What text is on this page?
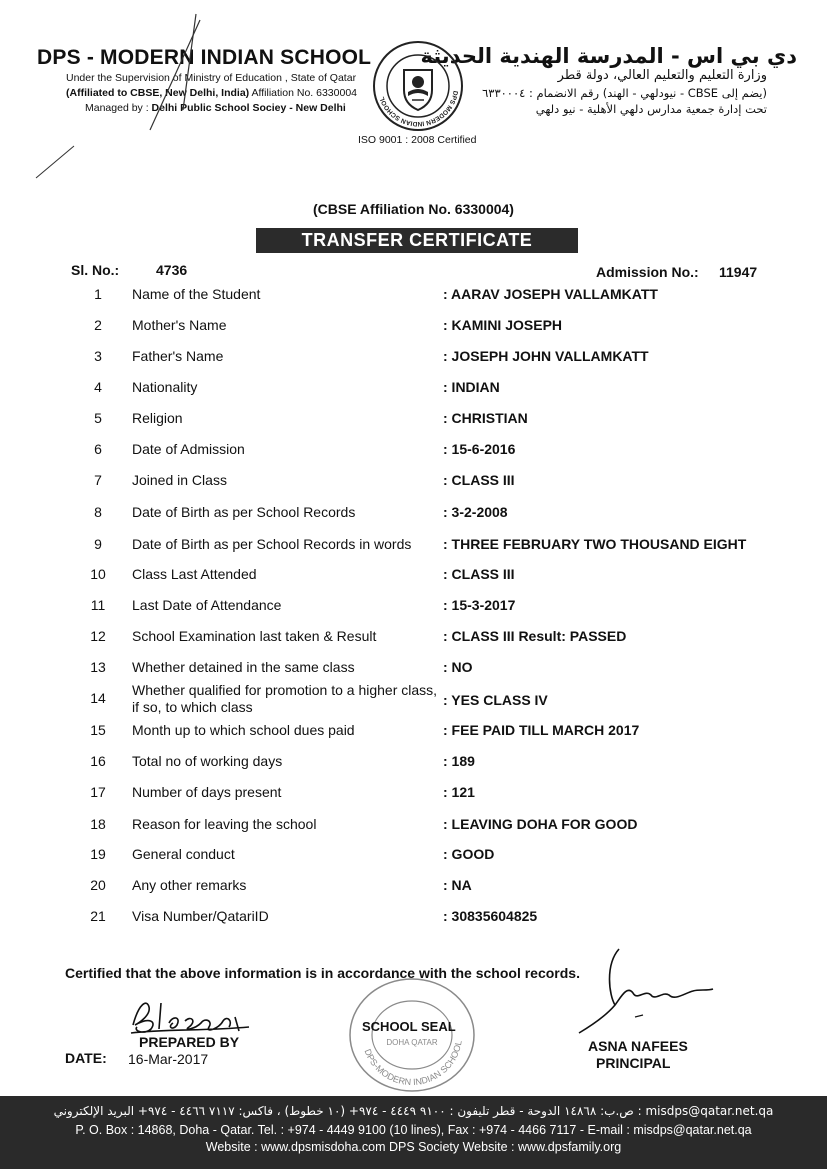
DPS - MODERN INDIAN SCHOOL
Under the Supervision of Ministry of Education , State of Qatar
(Affiliated to CBSE, New Delhi, India) Affiliation No. 6330004
Managed by : Delhi Public School Sociey - New Delhi
دي بي اس - المدرسة الهندية الحديثة
وزارة التعليم والتعليم العالي، دولة قطر
(يضم إلى CBSE - نيودلهي - الهند) رقم الانضمام : ٦٣٣٠٠٠٤
تحت إدارة جمعية مدارس دلهي الأهلية - نيو دلهي
DPS MODERN INDIAN SCHOOL
ISO 9001 : 2008 Certified
(CBSE Affiliation No. 6330004)
TRANSFER CERTIFICATE
Sl. No.:	4736	Admission No.: 11947
1	Name of the Student	: AARAV JOSEPH VALLAMKATT
2	Mother's Name	: KAMINI JOSEPH
3	Father's Name	: JOSEPH JOHN VALLAMKATT
4	Nationality	: INDIAN
5	Religion	: CHRISTIAN
6	Date of Admission	: 15-6-2016
7	Joined in Class	: CLASS III
8	Date of Birth as per School Records	: 3-2-2008
9	Date of Birth as per School Records in words : THREE FEBRUARY TWO THOUSAND EIGHT
10	Class Last Attended	: CLASS III
11	Last Date of Attendance	: 15-3-2017
12	School Examination last taken & Result	: CLASS III Result: PASSED
13	Whether detained in the same class	: NO
14	Whether qualified for promotion to a higher class,
if so, to which class	: YES CLASS IV
15	Month up to which school dues paid	: FEE PAID TILL MARCH 2017
16	Total no of working days	: 189
17	Number of days present	: 121
18	Reason for leaving the school	: LEAVING DOHA FOR GOOD
19	General conduct	: GOOD
20	Any other remarks	: NA
21	Visa Number/QatariID	: 30835604825
Certified that the above information is in accordance with the school records.
PREPARED BY
DATE: 16-Mar-2017	DPS-MODERN INDIAN SCHOOL
DOHA QATAR
SCHOOL SEAL
ASNA NAFEES
PRINCIPAL
ص.ب: ١٤٨٦٨ الدوحة - قطر تليفون : ٩١٠٠ ٤٤٤٩ - ٩٧٤+ (١٠ خطوط) ، فاكس: ٧١١٧ ٤٤٦٦ - ٩٧٤+ البريد الإلكتروني : misdps@qatar.net.qa
P. O. Box : 14868, Doha - Qatar. Tel. : +974 - 4449 9100 (10 lines), Fax : +974 - 4466 7117 - E-mail : misdps@qatar.net.qa
Website : www.dpsmisdoha.com DPS Society Website : www.dpsfamily.org
